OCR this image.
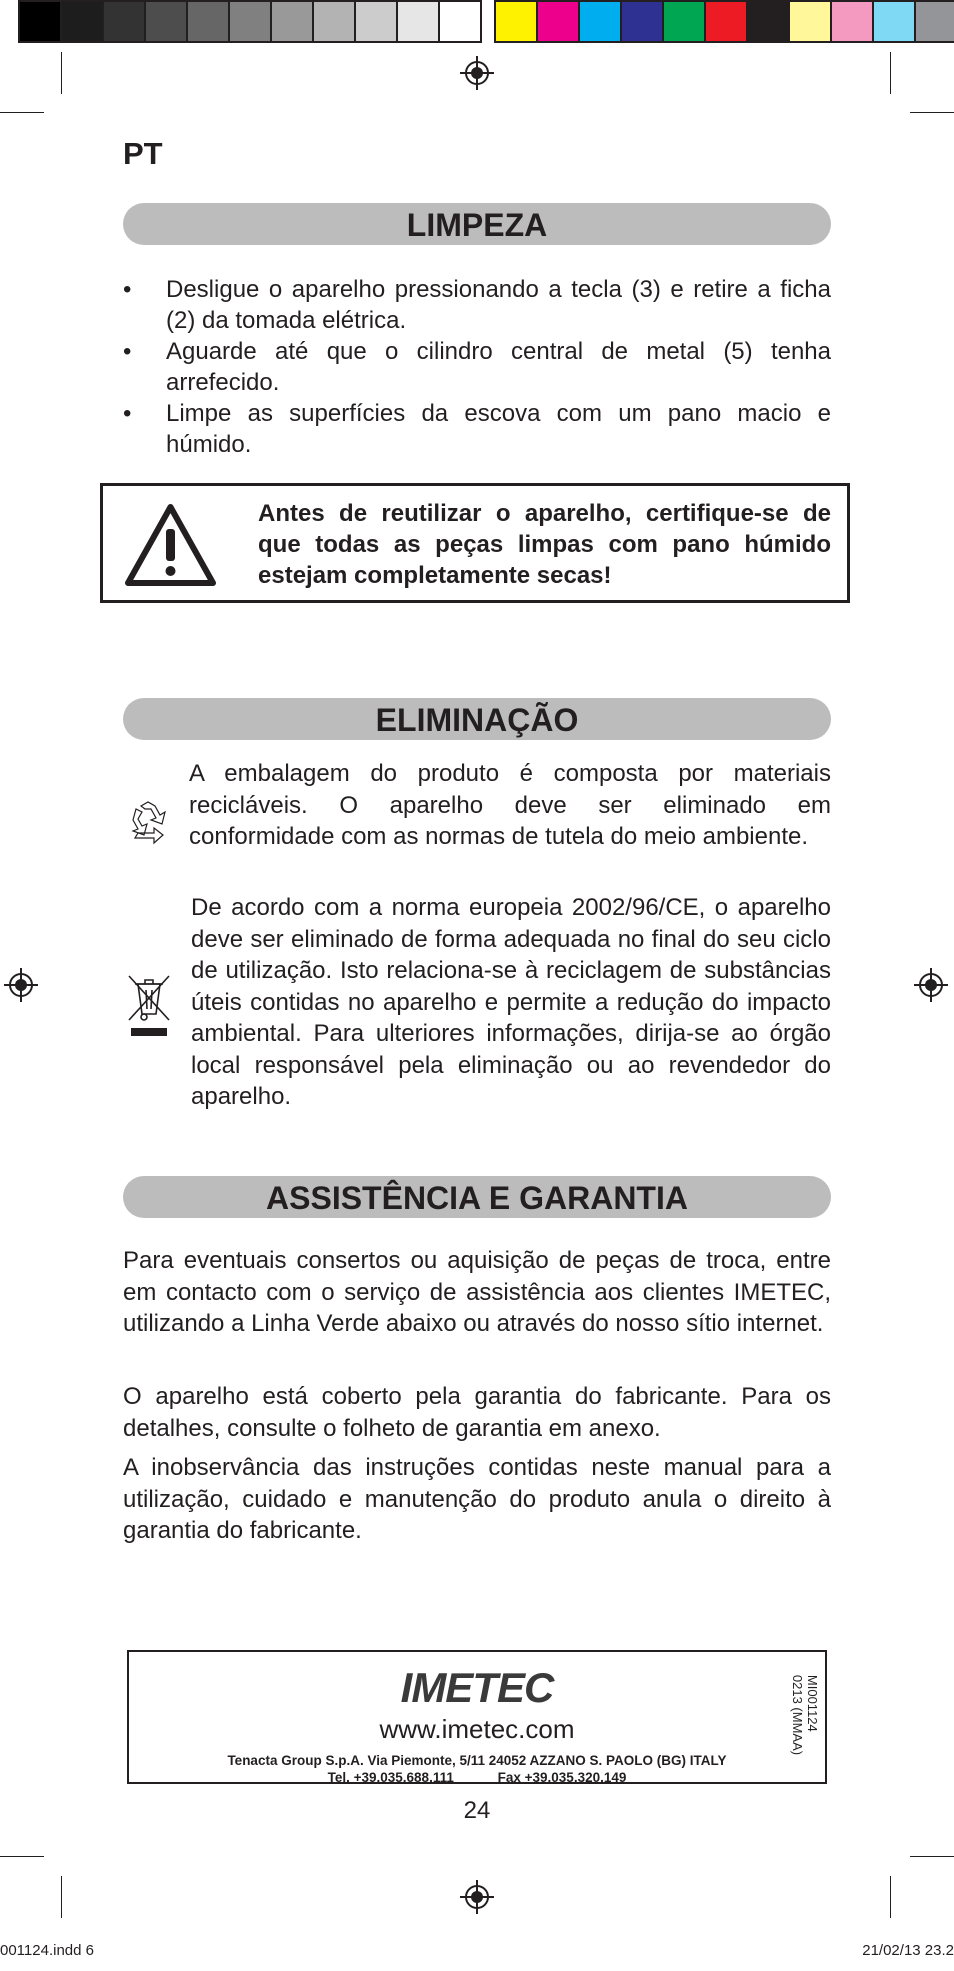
PT
LIMPEZA
• Desligue o aparelho pressionando a tecla (3) e retire a ficha (2) da tomada elétrica.
• Aguarde até que o cilindro central de metal (5) tenha arrefecido.
• Limpe as superfícies da escova com um pano macio e húmido.
Antes de reutilizar o aparelho, certifique-se de que todas as peças limpas com pano húmido estejam completamente secas!
ELIMINAÇÃO
A embalagem do produto é composta por materiais recicláveis. O aparelho deve ser eliminado em conformidade com as normas de tutela do meio ambiente.
De acordo com a norma europeia 2002/96/CE, o aparelho deve ser eliminado de forma adequada no final do seu ciclo de utilização. Isto relaciona-se à reciclagem de substâncias úteis contidas no aparelho e permite a redução do impacto ambiental. Para ulteriores informações, dirija-se ao órgão local responsável pela eliminação ou ao revendedor do aparelho.
ASSISTÊNCIA E GARANTIA
Para eventuais consertos ou aquisição de peças de troca, entre em contacto com o serviço de assistência aos clientes IMETEC, utilizando a Linha Verde abaixo ou através do nosso sítio internet.
O aparelho está coberto pela garantia do fabricante. Para os detalhes, consulte o folheto de garantia em anexo.
A inobservância das instruções contidas neste manual para a utilização, cuidado e manutenção do produto anula o direito à garantia do fabricante.
IMETEC
www.imetec.com
Tenacta Group S.p.A. Via Piemonte, 5/11 24052 AZZANO S. PAOLO (BG) ITALY
Tel. +39.035.688.111	Fax +39.035.320.149
MI001124
0213 (MMAA)
24
001124.indd 6	21/02/13 23.2
